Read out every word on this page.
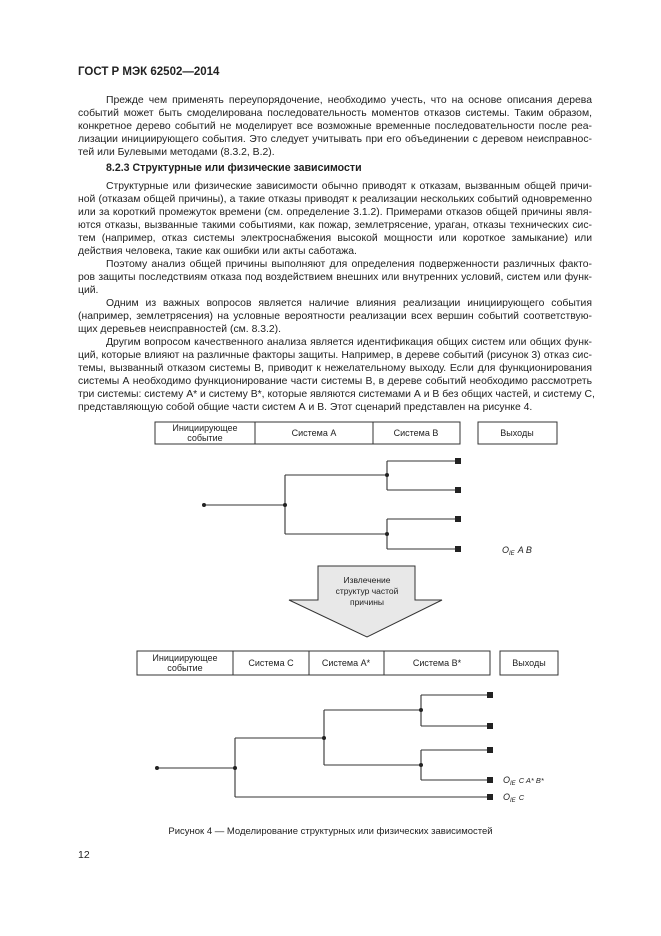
ГОСТ Р МЭК 62502—2014
Прежде чем применять переупорядочение, необходимо учесть, что на основе описания дерева
событий может быть смоделирована последовательность моментов отказов системы. Таким образом,
конкретное дерево событий не моделирует все возможные временные последовательности после реа-
лизации инициирующего события. Это следует учитывать при его объединении с деревом неисправнос-
тей или Булевыми методами (8.3.2, B.2).
8.2.3 Структурные или физические зависимости
Структурные или физические зависимости обычно приводят к отказам, вызванным общей причи-
ной (отказам общей причины), а такие отказы приводят к реализации нескольких событий одновременно
или за короткий промежуток времени (см. определение 3.1.2). Примерами отказов общей причины явля-
ются отказы, вызванные такими событиями, как пожар, землетрясение, ураган, отказы технических сис-
тем (например, отказ системы электроснабжения высокой мощности или короткое замыкание) или
действия человека, такие как ошибки или акты саботажа.
Поэтому анализ общей причины выполняют для определения подверженности различных факто-
ров защиты последствиям отказа под воздействием внешних или внутренних условий, систем или функ-
ций.
Одним из важных вопросов является наличие влияния реализации инициирующего события
(например, землетрясения) на условные вероятности реализации всех вершин событий соответствую-
щих деревьев неисправностей (см. 8.3.2).
Другим вопросом качественного анализа является идентификация общих систем или общих функ-
ций, которые влияют на различные факторы защиты. Например, в дереве событий (рисунок 3) отказ сис-
темы, вызванный отказом системы В, приводит к нежелательному выходу. Если для функционирования
системы А необходимо функционирование части системы В, в дереве событий необходимо рассмотреть
три системы: систему А* и систему В*, которые являются системами А и В без общих частей, и систему С,
представляющую собой общие части систем А и В. Этот сценарий представлен на рисунке 4.
Инициирующее
событие	Система А	Система В	Выходы
$O_{IE}$ A B
Извлечение
структур частой
причины
Инициирующее
событие	Система С	Система А*	Система В*	Выходы
$O_{IE}$ $^{C A* B*}$
$O_{IE}$ $^C$
Рисунок 4 — Моделирование структурных или физических зависимостей
12
